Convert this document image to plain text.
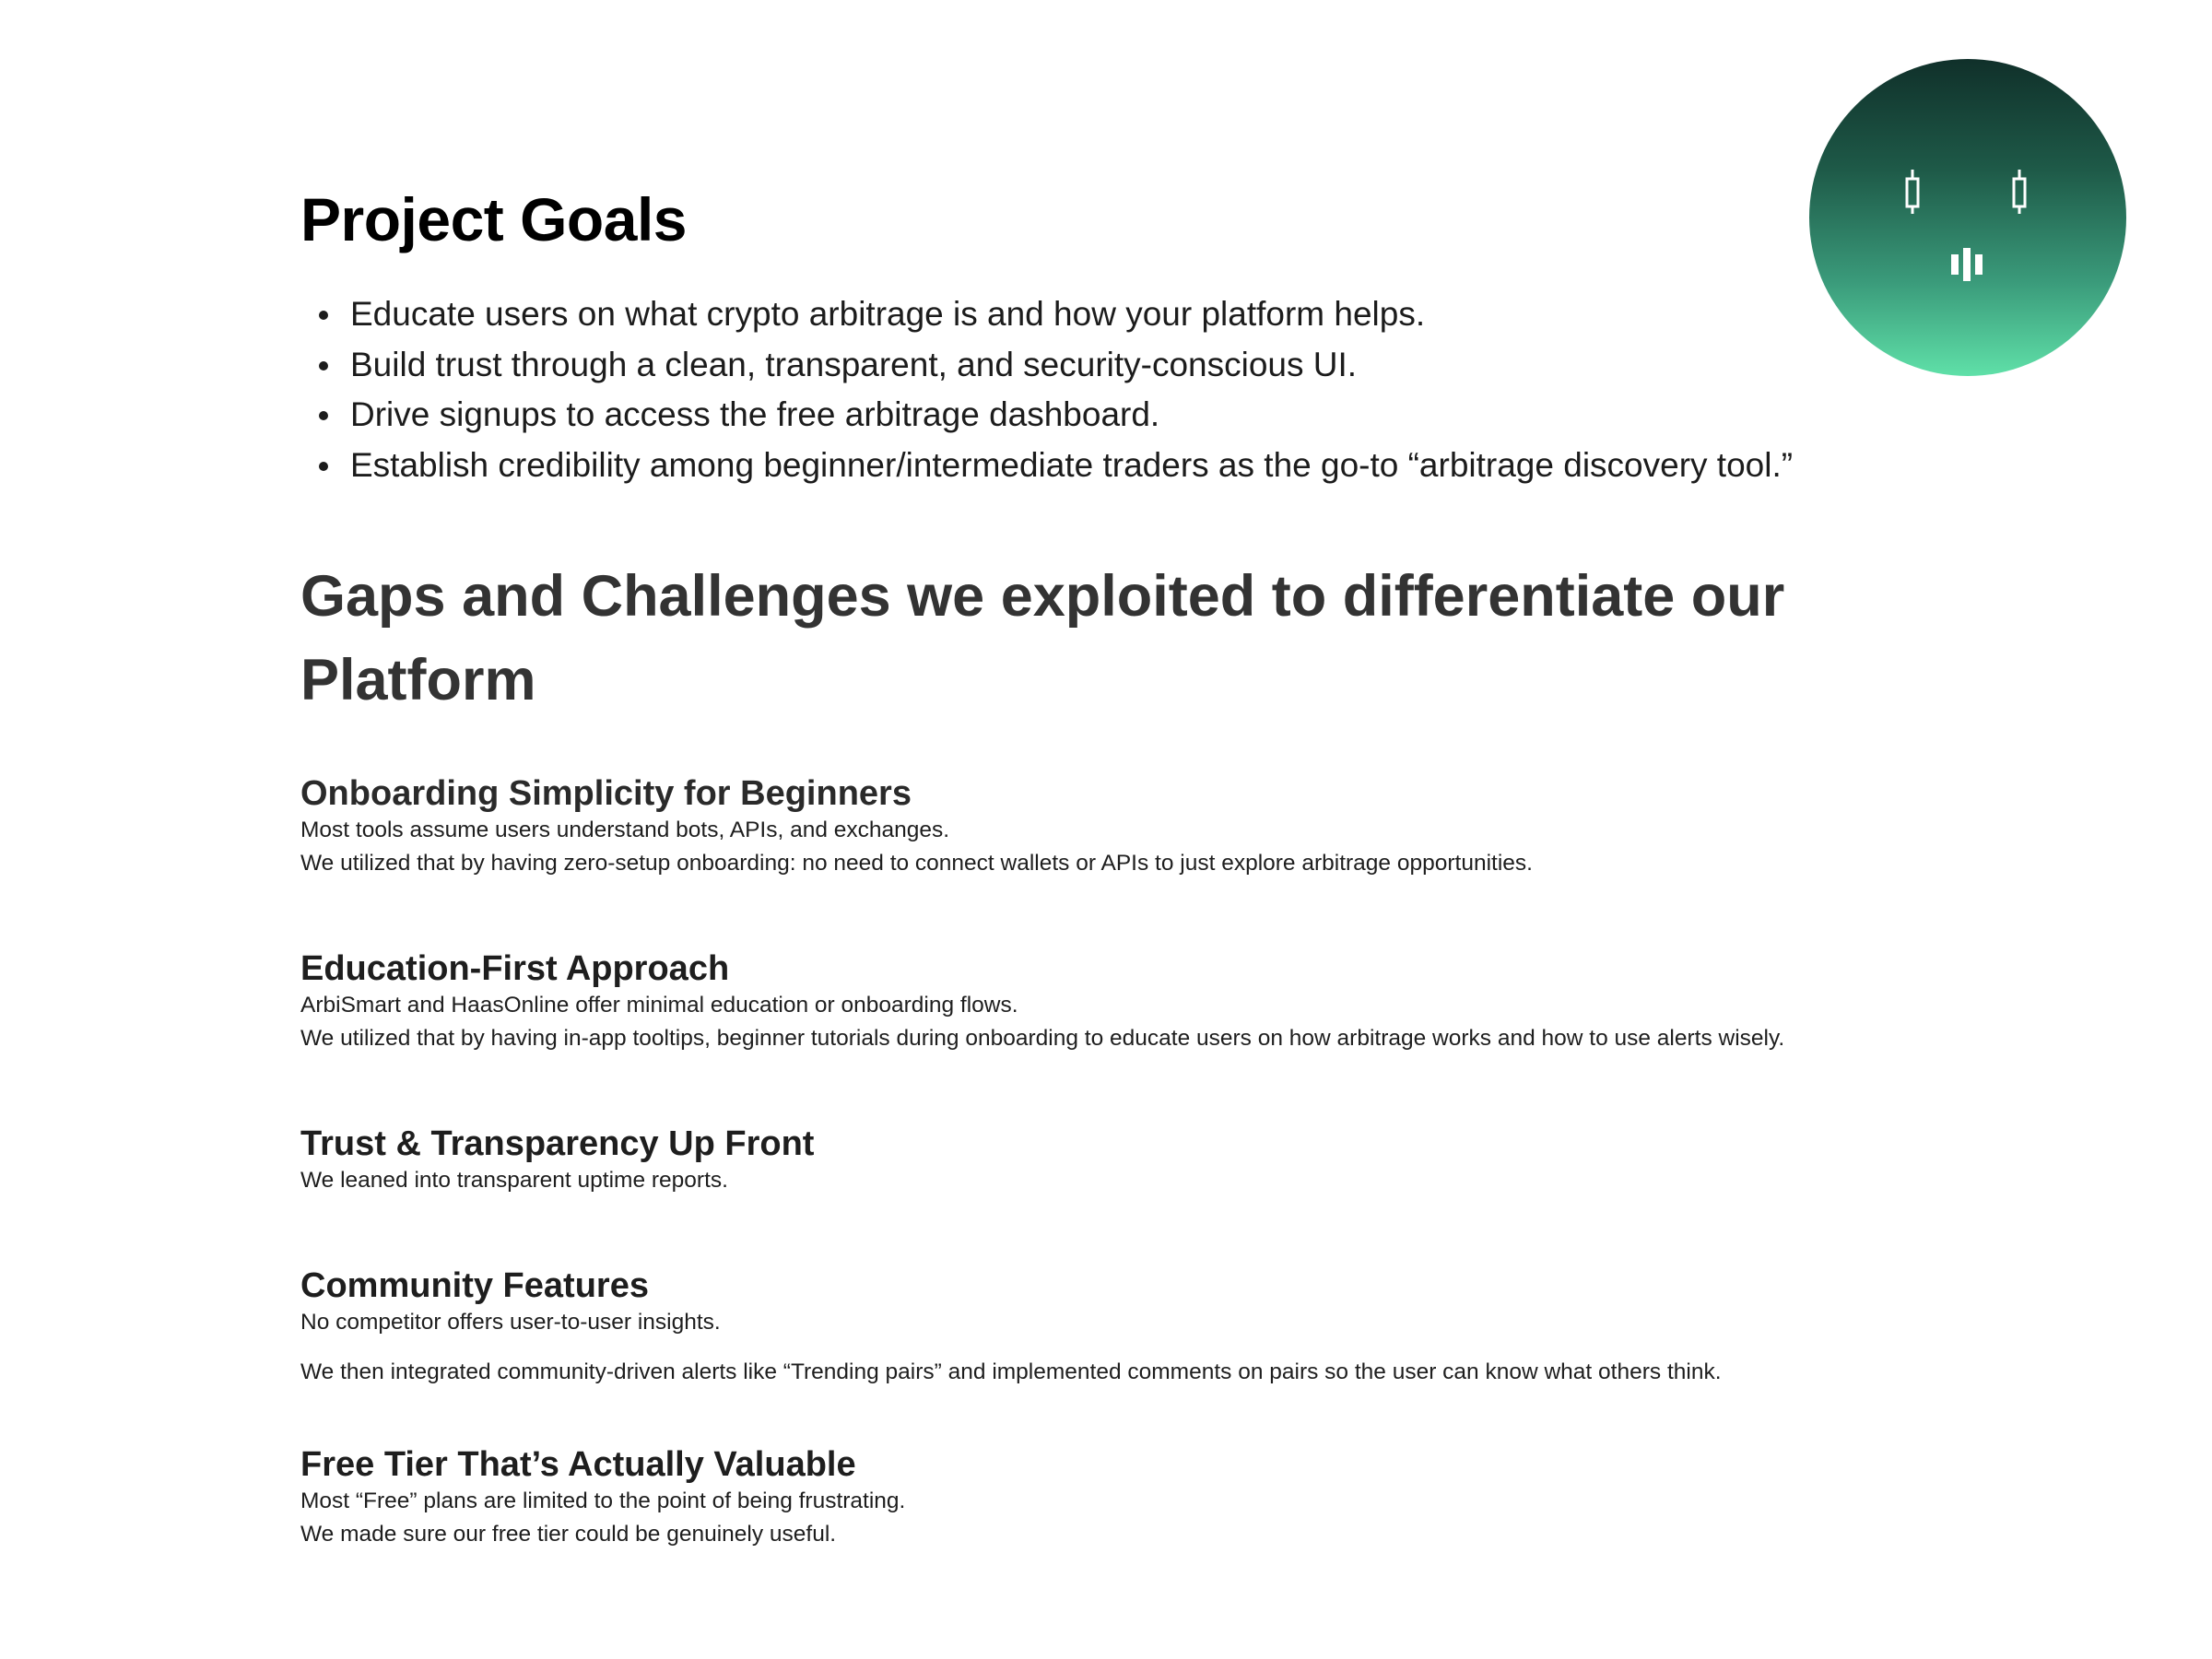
Project Goals
Educate users on what crypto arbitrage is and how your platform helps.
Build trust through a clean, transparent, and security-conscious UI.
Drive signups to access the free arbitrage dashboard.
Establish credibility among beginner/intermediate traders as the go-to “arbitrage discovery tool.”
Gaps and Challenges we exploited to differentiate our Platform
Onboarding Simplicity for Beginners

Most tools assume users understand bots, APIs, and exchanges.

We utilized that by having zero-setup onboarding: no need to connect wallets or APIs to just explore arbitrage opportunities.

Education-First Approach

ArbiSmart and HaasOnline offer minimal education or onboarding flows.

We utilized that by having in-app tooltips, beginner tutorials during onboarding to educate users on how arbitrage works and how to use alerts wisely.

Trust & Transparency Up Front

We leaned into transparent uptime reports.

Community Features

No competitor offers user-to-user insights.

We then integrated community-driven alerts like “Trending pairs” and implemented comments on pairs so the user can know what others think.

Free Tier That’s Actually Valuable

Most “Free” plans are limited to the point of being frustrating.

We made sure our free tier could be genuinely useful.
